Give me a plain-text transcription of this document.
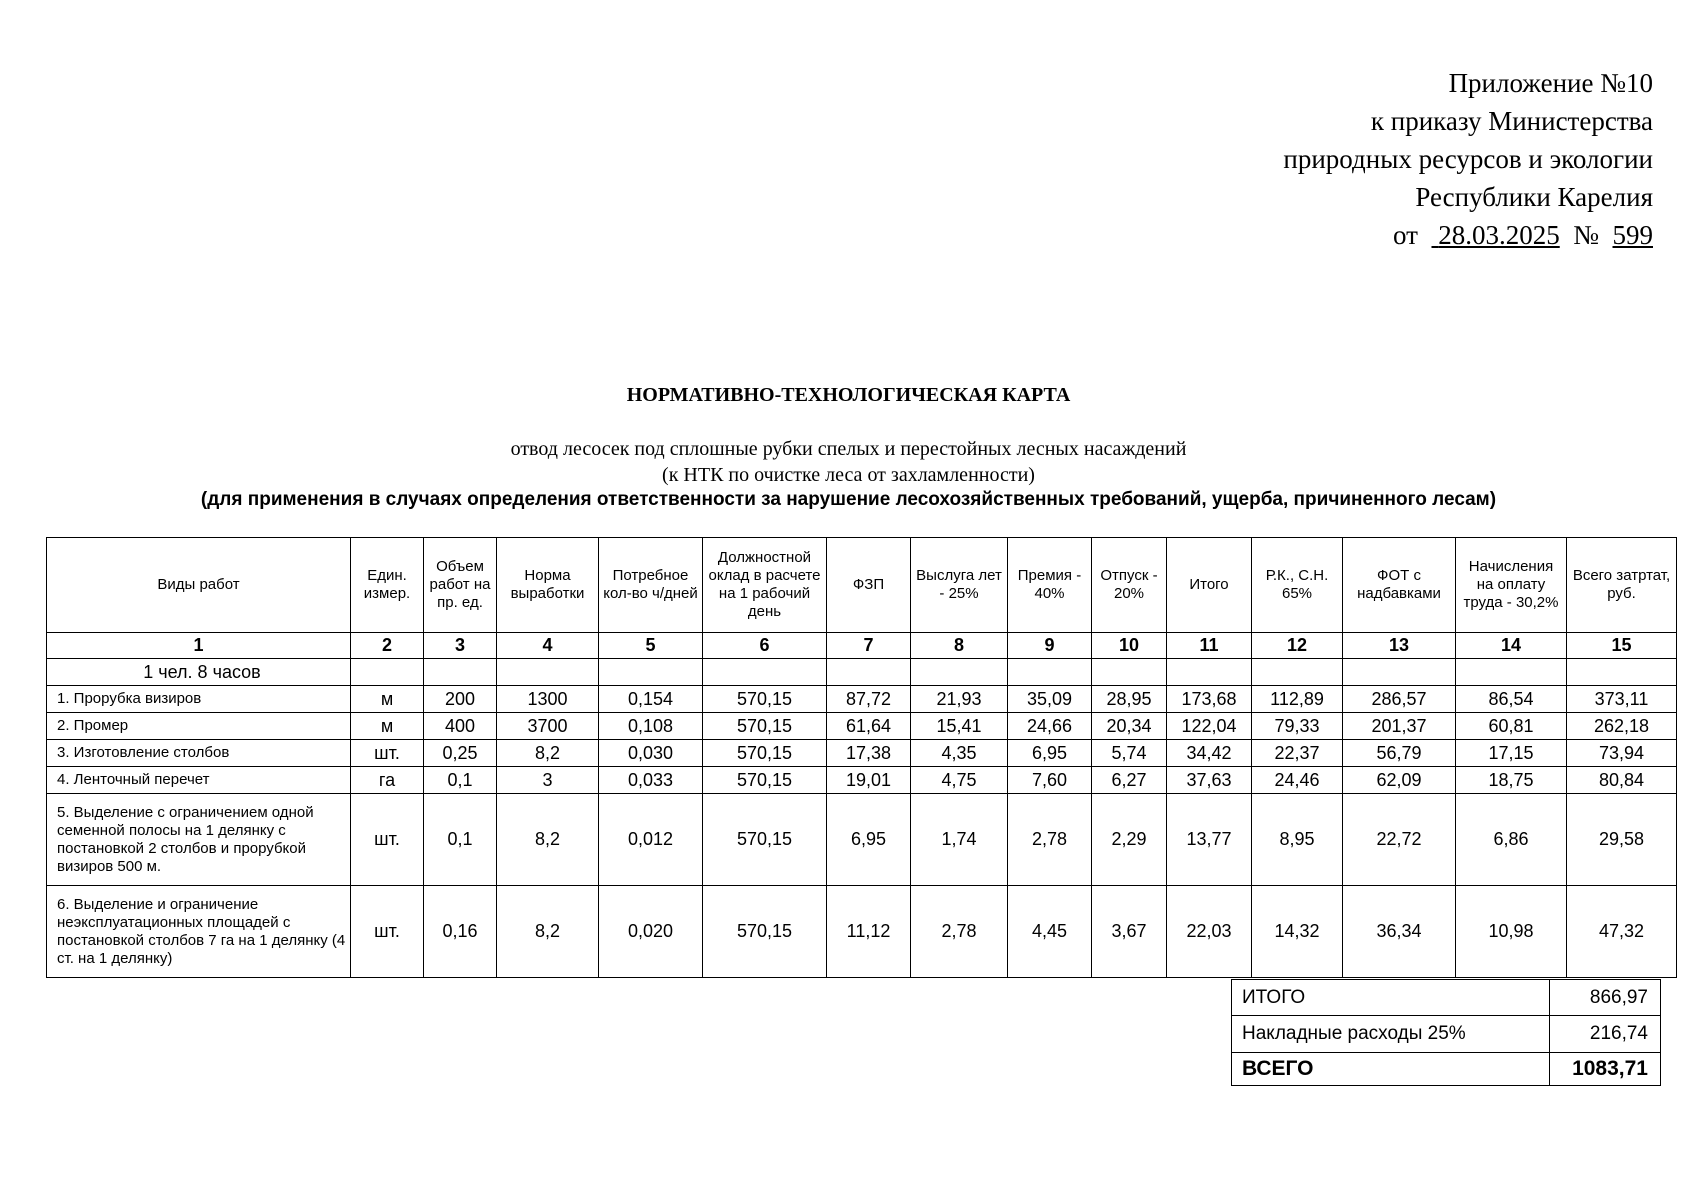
Приложение №10
к приказу Министерства
природных ресурсов и экологии
Республики Карелия
от 28.03.2025 № 599
НОРМАТИВНО-ТЕХНОЛОГИЧЕСКАЯ КАРТА
отвод лесосек под сплошные рубки спелых и перестойных лесных насаждений
(к НТК по очистке леса от захламленности)
(для применения в случаях определения ответственности за нарушение лесохозяйственных требований, ущерба, причиненного лесам)
Виды работ	Един. измер.	Объем работ на пр. ед.	Норма выработки	Потребное кол-во ч/дней	Должностной оклад в расчете на 1 рабочий день	ФЗП	Выслуга лет - 25%	Премия - 40%	Отпуск - 20%	Итого	Р.К., С.Н. 65%	ФОТ с надбавками	Начисления на оплату труда - 30,2%	Всего затртат, руб.
1	2	3	4	5	6	7	8	9	10	11	12	13	14	15
1 чел. 8 часов														
1. Прорубка визиров	м	200	1300	0,154	570,15	87,72	21,93	35,09	28,95	173,68	112,89	286,57	86,54	373,11
2. Промер	м	400	3700	0,108	570,15	61,64	15,41	24,66	20,34	122,04	79,33	201,37	60,81	262,18
3. Изготовление столбов	шт.	0,25	8,2	0,030	570,15	17,38	4,35	6,95	5,74	34,42	22,37	56,79	17,15	73,94
4. Ленточный перечет	га	0,1	3	0,033	570,15	19,01	4,75	7,60	6,27	37,63	24,46	62,09	18,75	80,84
5. Выделение с ограничением одной семенной полосы на 1 делянку с постановкой 2 столбов и прорубкой визиров 500 м.	шт.	0,1	8,2	0,012	570,15	6,95	1,74	2,78	2,29	13,77	8,95	22,72	6,86	29,58
6. Выделение и ограничение неэксплуатационных площадей с постановкой столбов 7 га на 1 делянку (4 ст. на 1 делянку)	шт.	0,16	8,2	0,020	570,15	11,12	2,78	4,45	3,67	22,03	14,32	36,34	10,98	47,32
ИТОГО	866,97
Накладные расходы 25%	216,74
ВСЕГО	1083,71
